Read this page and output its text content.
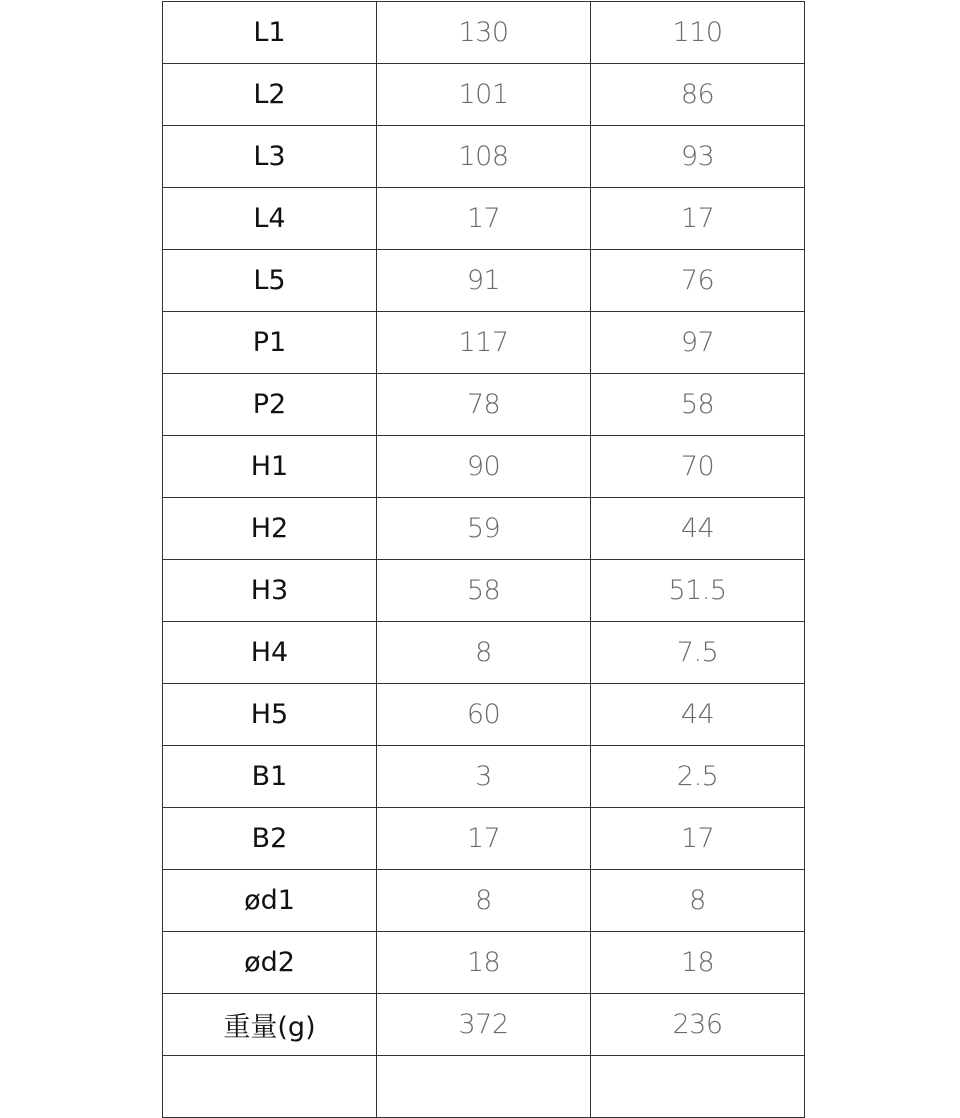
L1	130	110
L2	101	86
L3	108	93
L4	17	17
L5	91	76
P1	117	97
P2	78	58
H1	90	70
H2	59	44
H3	58	51.5
H4	8	7.5
H5	60	44
B1	3	2.5
B2	17	17
ød1	8	8
ød2	18	18
重量(g)	372	236
